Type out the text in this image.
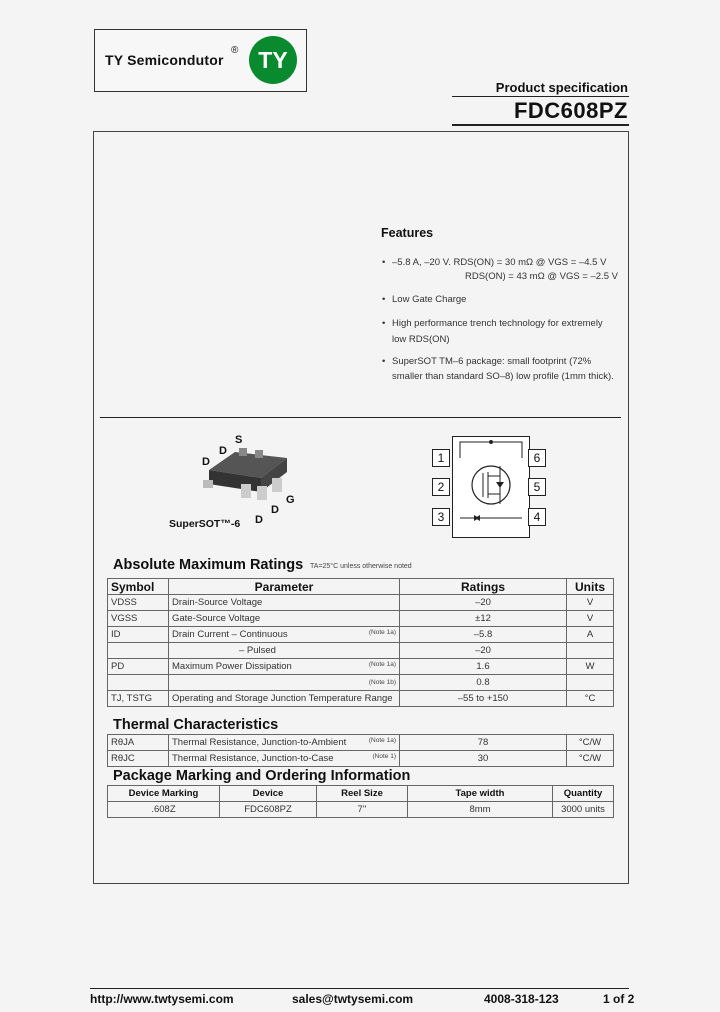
TY Semicondutor
® TY
Product specification
FDC608PZ
Features
• –5.8 A, –20 V. RDS(ON) = 30 mΩ @ VGS = –4.5 V
RDS(ON) = 43 mΩ @ VGS = –2.5 V
• Low Gate Charge
• High performance trench technology for extremely
low RDS(ON)
• SuperSOT TM–6 package: small footprint (72%
smaller than standard SO–8) low profile (1mm thick).
D
D
S
G
D
D
SuperSOT™-6
1
2
3
6
5
4
Absolute Maximum Ratings TA=25°C unless otherwise noted
Symbol	Parameter	Ratings	Units
VDSS	Drain-Source Voltage	–20	V
VGSS	Gate-Source Voltage	±12	V
ID	Drain Current – Continuous (Note 1a)	–5.8	A
	– Pulsed	–20	
PD	Maximum Power Dissipation (Note 1a)	1.6	W

	(Note 1b)	0.8	
TJ, TSTG	Operating and Storage Junction Temperature Range	–55 to +150	°C
Thermal Characteristics
RθJA	Thermal Resistance, Junction-to-Ambient (Note 1a)	78	°C/W
RθJC	Thermal Resistance, Junction-to-Case (Note 1)	30	°C/W
Package Marking and Ordering Information
Device Marking	Device	Reel Size	Tape width	Quantity
.608Z	FDC608PZ	7''	8mm	3000 units
http://www.twtysemi.com	sales@twtysemi.com	4008-318-123	1 of 2
